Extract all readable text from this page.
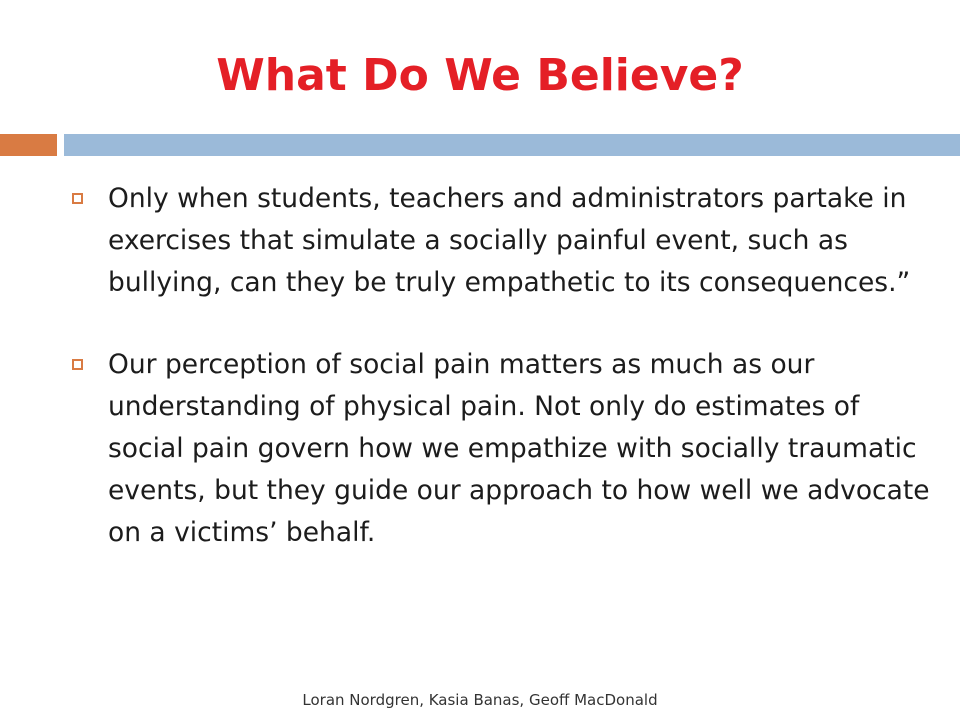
What Do We Believe?
Only when students, teachers and administrators partake in exercises that simulate a socially painful event, such as bullying, can they be truly empathetic to its consequences.”
Our perception of social pain matters as much as our understanding of physical pain. Not only do estimates of social pain govern how we empathize with socially traumatic events, but they guide our approach to how well we advocate on a victims’ behalf.
Loran Nordgren, Kasia Banas, Geoff MacDonald
